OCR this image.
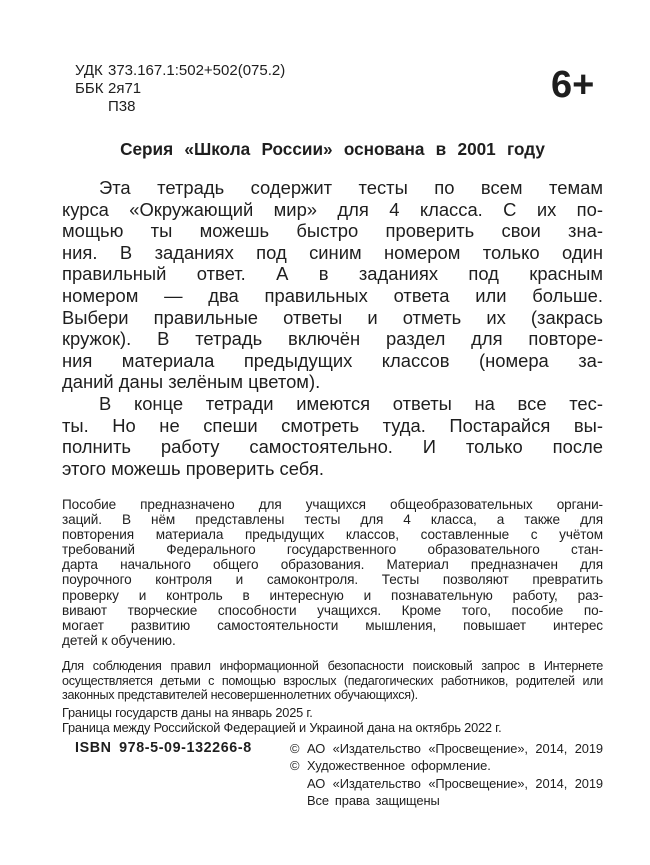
УДК 373.167.1:502+502(075.2)
ББК 2я71
П38
6+
Серия «Школа России» основана в 2001 году
Эта тетрадь содержит тесты по всем темам
курса «Окружающий мир» для 4 класса. С их по-
мощью ты можешь быстро проверить свои зна-
ния. В заданиях под синим номером только один
правильный ответ. А в заданиях под красным
номером — два правильных ответа или больше.
Выбери правильные ответы и отметь их (закрась
кружок). В тетрадь включён раздел для повторе-
ния материала предыдущих классов (номера за-
даний даны зелёным цветом).
В конце тетради имеются ответы на все тес-
ты. Но не спеши смотреть туда. Постарайся вы-
полнить работу самостоятельно. И только после
этого можешь проверить себя.
Пособие предназначено для учащихся общеобразовательных органи-
заций. В нём представлены тесты для 4 класса, а также для
повторения материала предыдущих классов, составленные с учётом
требований Федерального государственного образовательного стан-
дарта начального общего образования. Материал предназначен для
поурочного контроля и самоконтроля. Тесты позволяют превратить
проверку и контроль в интересную и познавательную работу, раз-
вивают творческие способности учащихся. Кроме того, пособие по-
могает развитию самостоятельности мышления, повышает интерес
детей к обучению.
Для соблюдения правил информационной безопасности поисковый запрос в Интернете
осуществляется детьми с помощью взрослых (педагогических работников, родителей или
законных представителей несовершеннолетних обучающихся).
Границы государств даны на январь 2025 г.
Граница между Российской Федерацией и Украиной дана на октябрь 2022 г.
ISBN 978-5-09-132266-8	© АО «Издательство «Просвещение», 2014, 2019
© Художественное оформление.
АО «Издательство «Просвещение», 2014, 2019
Все права защищены
